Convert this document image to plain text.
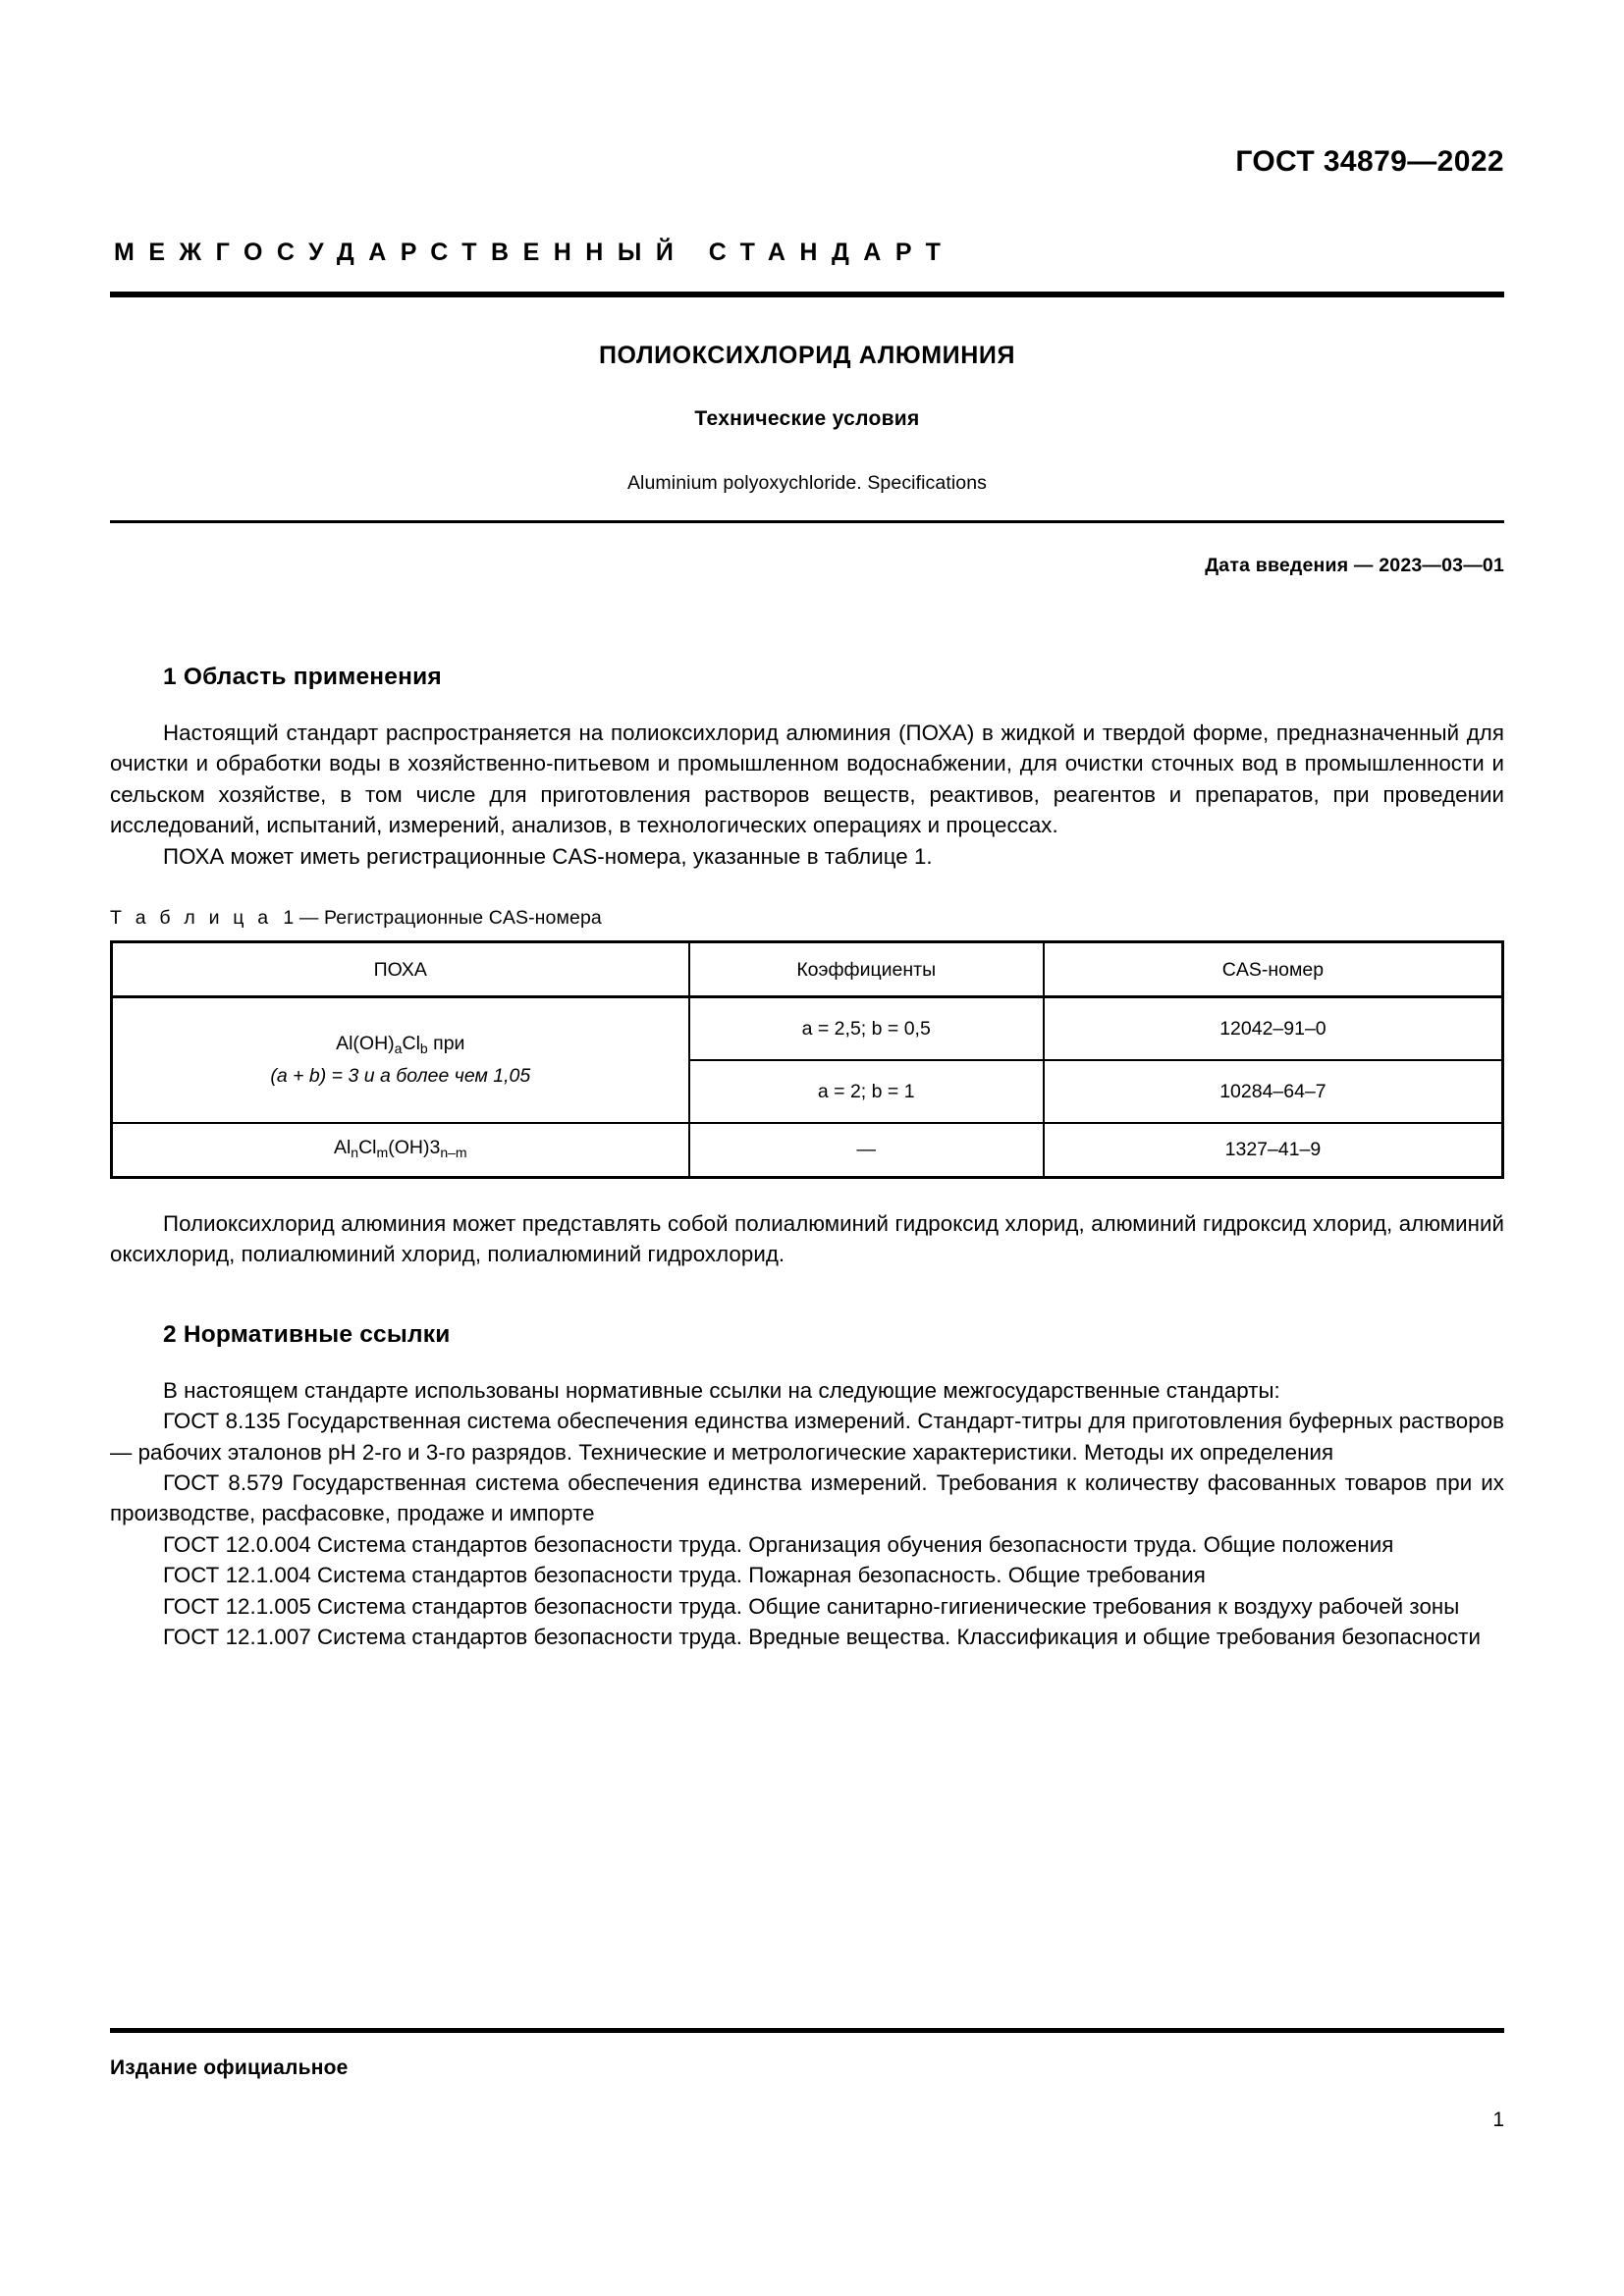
ГОСТ 34879—2022
МЕЖГОСУДАРСТВЕННЫЙ СТАНДАРТ
ПОЛИОКСИХЛОРИД АЛЮМИНИЯ
Технические условия
Aluminium polyoxychloride. Specifications
Дата введения — 2023—03—01
1 Область применения

Настоящий стандарт распространяется на полиоксихлорид алюминия (ПОХА) в жидкой и твердой форме, предназначенный для очистки и обработки воды в хозяйственно-питьевом и промышленном водоснабжении, для очистки сточных вод в промышленности и сельском хозяйстве, в том числе для приготовления растворов веществ, реактивов, реагентов и препаратов, при проведении исследований, испытаний, измерений, анализов, в технологических операциях и процессах.

ПОХА может иметь регистрационные CAS-номера, указанные в таблице 1.

Т а б л и ц а 1 — Регистрационные CAS-номера
ПОХА	Коэффициенты	CAS-номер
$Al(OH)_aCl_b$ при
(a + b) = 3 и a более чем 1,05	a = 2,5; b = 0,5	12042–91–0
	a = 2; b = 1	10284–64–7
$Al_nCl_m(OH)3_{n-m}$	—	1327–41–9

Полиоксихлорид алюминия может представлять собой полиалюминий гидроксид хлорид, алюминий гидроксид хлорид, алюминий оксихлорид, полиалюминий хлорид, полиалюминий гидрохлорид.

2 Нормативные ссылки

В настоящем стандарте использованы нормативные ссылки на следующие межгосударственные стандарты:

ГОСТ 8.135 Государственная система обеспечения единства измерений. Стандарт-титры для приготовления буферных растворов — рабочих эталонов pH 2-го и 3-го разрядов. Технические и метрологические характеристики. Методы их определения

ГОСТ 8.579 Государственная система обеспечения единства измерений. Требования к количеству фасованных товаров при их производстве, расфасовке, продаже и импорте

ГОСТ 12.0.004 Система стандартов безопасности труда. Организация обучения безопасности труда. Общие положения

ГОСТ 12.1.004 Система стандартов безопасности труда. Пожарная безопасность. Общие требования

ГОСТ 12.1.005 Система стандартов безопасности труда. Общие санитарно-гигиенические требования к воздуху рабочей зоны

ГОСТ 12.1.007 Система стандартов безопасности труда. Вредные вещества. Классификация и общие требования безопасности

Издание официальное
1
